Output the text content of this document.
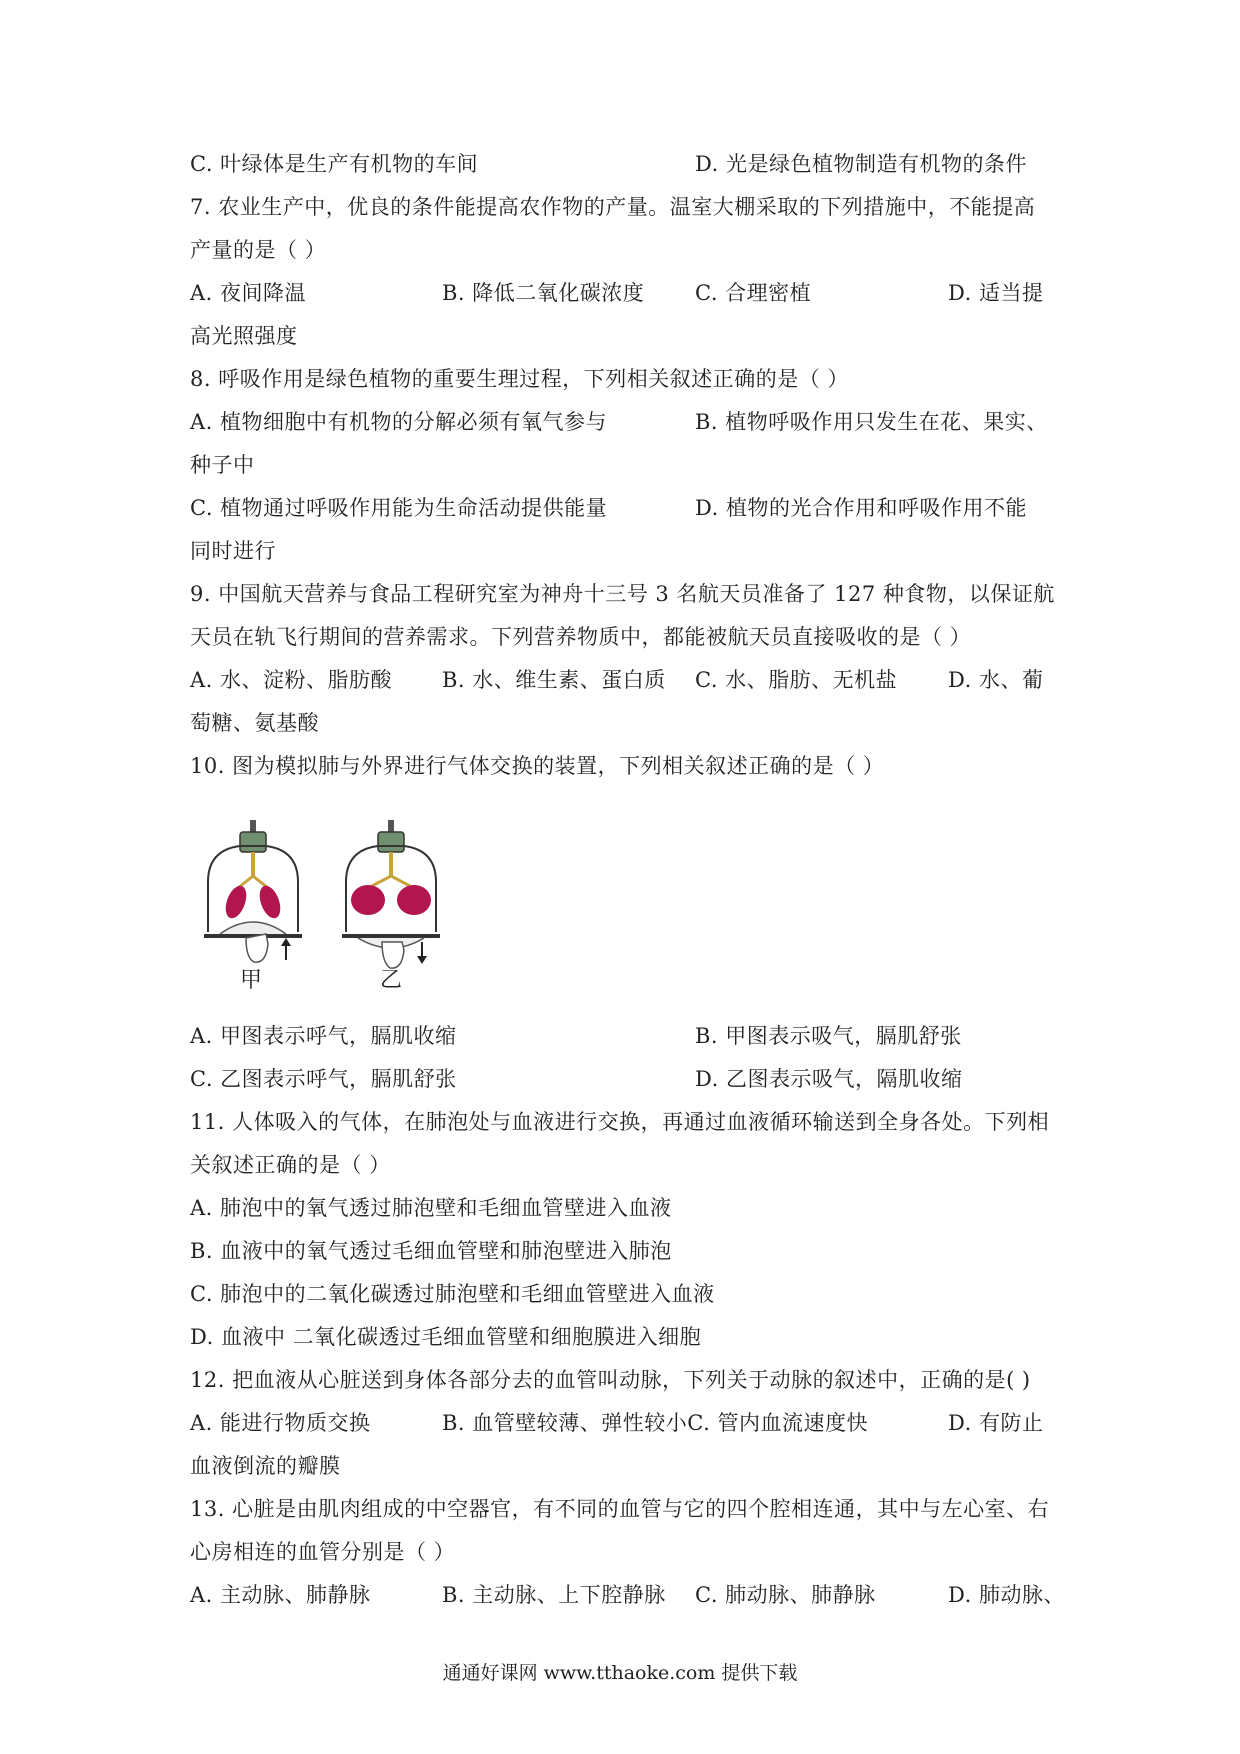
C. 叶绿体是生产有机物的车间	D. 光是绿色植物制造有机物的条件
7. 农业生产中，优良的条件能提高农作物的产量。温室大棚采取的下列措施中，不能提高
产量的是（ ）
A. 夜间降温	B. 降低二氧化碳浓度 C. 合理密植	D. 适当提
高光照强度
8. 呼吸作用是绿色植物的重要生理过程，下列相关叙述正确的是（ ）
A. 植物细胞中有机物的分解必须有氧气参与	B. 植物呼吸作用只发生在花、果实、
种子中
C. 植物通过呼吸作用能为生命活动提供能量	D. 植物的光合作用和呼吸作用不能
同时进行
9. 中国航天营养与食品工程研究室为神舟十三号 3 名航天员准备了 127 种食物，以保证航
天员在轨飞行期间的营养需求。下列营养物质中，都能被航天员直接吸收的是（ ）
A. 水、淀粉、脂肪酸 B. 水、维生素、蛋白质 C. 水、脂肪、无机盐 D. 水、葡
萄糖、氨基酸
10. 图为模拟肺与外界进行气体交换的装置，下列相关叙述正确的是（ ）
甲	乙
A. 甲图表示呼气，膈肌收缩	B. 甲图表示吸气，膈肌舒张
C. 乙图表示呼气，膈肌舒张	D. 乙图表示吸气，隔肌收缩
11. 人体吸入的气体，在肺泡处与血液进行交换，再通过血液循环输送到全身各处。下列相
关叙述正确的是（ ）
A. 肺泡中的氧气透过肺泡壁和毛细血管壁进入血液
B. 血液中的氧气透过毛细血管壁和肺泡壁进入肺泡
C. 肺泡中的二氧化碳透过肺泡壁和毛细血管壁进入血液
D. 血液中 二氧化碳透过毛细血管壁和细胞膜进入细胞
12. 把血液从心脏送到身体各部分去的血管叫动脉，下列关于动脉的叙述中，正确的是( )
A. 能进行物质交换	B. 血管壁较薄、弹性较小C. 管内血流速度快	D. 有防止
血液倒流的瓣膜
13. 心脏是由肌肉组成的中空器官，有不同的血管与它的四个腔相连通，其中与左心室、右
心房相连的血管分别是（ ）
A. 主动脉、肺静脉	B. 主动脉、上下腔静脉 C. 肺动脉、肺静脉	D. 肺动脉、
通通好课网 www.tthaoke.com 提供下载
